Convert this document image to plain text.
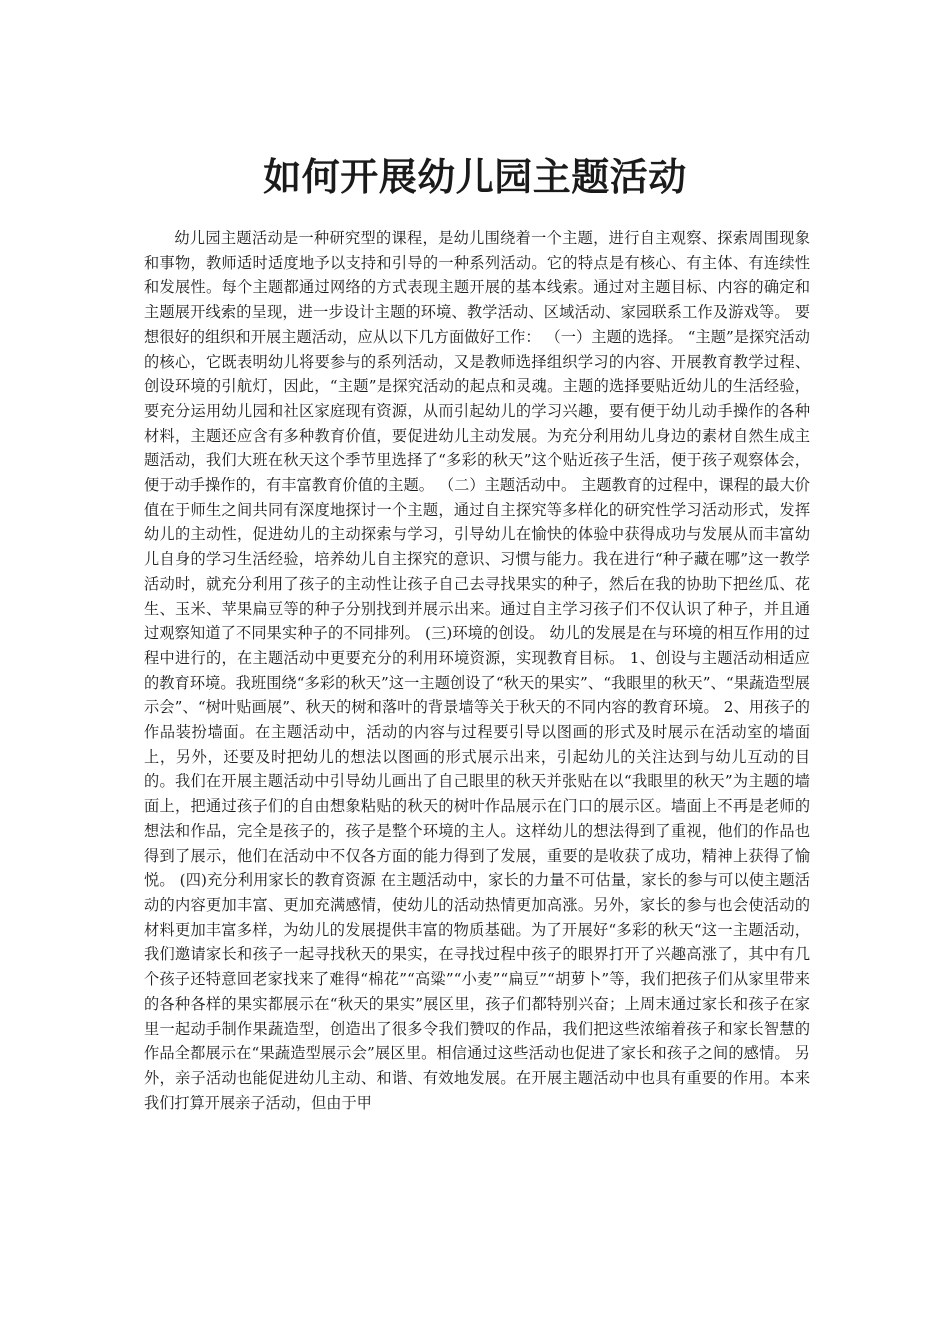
如何开展幼儿园主题活动

幼儿园主题活动是一种研究型的课程，是幼儿围绕着一个主题，进行自主观察、探索周围现象和事物，教师适时适度地予以支持和引导的一种系列活动。它的特点是有核心、有主体、有连续性和发展性。每个主题都通过网络的方式表现主题开展的基本线索。通过对主题目标、内容的确定和主题展开线索的呈现，进一步设计主题的环境、教学活动、区域活动、家园联系工作及游戏等。 要想很好的组织和开展主题活动，应从以下几方面做好工作： （一）主题的选择。 “主题”是探究活动的核心，它既表明幼儿将要参与的系列活动，又是教师选择组织学习的内容、开展教育教学过程、创设环境的引航灯，因此，“主题”是探究活动的起点和灵魂。主题的选择要贴近幼儿的生活经验，要充分运用幼儿园和社区家庭现有资源，从而引起幼儿的学习兴趣，要有便于幼儿动手操作的各种材料，主题还应含有多种教育价值，要促进幼儿主动发展。为充分利用幼儿身边的素材自然生成主题活动，我们大班在秋天这个季节里选择了“多彩的秋天”这个贴近孩子生活，便于孩子观察体会，便于动手操作的，有丰富教育价值的主题。 （二）主题活动中。 主题教育的过程中，课程的最大价值在于师生之间共同有深度地探讨一个主题，通过自主探究等多样化的研究性学习活动形式，发挥幼儿的主动性，促进幼儿的主动探索与学习，引导幼儿在愉快的体验中获得成功与发展从而丰富幼儿自身的学习生活经验，培养幼儿自主探究的意识、习惯与能力。我在进行“种子藏在哪”这一教学活动时，就充分利用了孩子的主动性让孩子自己去寻找果实的种子，然后在我的协助下把丝瓜、花生、玉米、苹果扁豆等的种子分别找到并展示出来。通过自主学习孩子们不仅认识了种子，并且通过观察知道了不同果实种子的不同排列。 (三)环境的创设。 幼儿的发展是在与环境的相互作用的过程中进行的，在主题活动中更要充分的利用环境资源，实现教育目标。 1、创设与主题活动相适应的教育环境。我班围绕“多彩的秋天”这一主题创设了“秋天的果实”、“我眼里的秋天”、“果蔬造型展示会”、“树叶贴画展”、秋天的树和落叶的背景墙等关于秋天的不同内容的教育环境。 2、用孩子的作品装扮墙面。在主题活动中，活动的内容与过程要引导以图画的形式及时展示在活动室的墙面上，另外，还要及时把幼儿的想法以图画的形式展示出来，引起幼儿的关注达到与幼儿互动的目的。我们在开展主题活动中引导幼儿画出了自己眼里的秋天并张贴在以“我眼里的秋天”为主题的墙面上，把通过孩子们的自由想象粘贴的秋天的树叶作品展示在门口的展示区。墙面上不再是老师的想法和作品，完全是孩子的，孩子是整个环境的主人。这样幼儿的想法得到了重视，他们的作品也得到了展示，他们在活动中不仅各方面的能力得到了发展，重要的是收获了成功，精神上获得了愉悦。 (四)充分利用家长的教育资源 在主题活动中，家长的力量不可估量，家长的参与可以使主题活动的内容更加丰富、更加充满感情，使幼儿的活动热情更加高涨。另外，家长的参与也会使活动的材料更加丰富多样，为幼儿的发展提供丰富的物质基础。为了开展好“多彩的秋天“这一主题活动，我们邀请家长和孩子一起寻找秋天的果实，在寻找过程中孩子的眼界打开了兴趣高涨了，其中有几个孩子还特意回老家找来了难得“棉花”“高粱”“小麦”“扁豆”“胡萝卜”等，我们把孩子们从家里带来的各种各样的果实都展示在“秋天的果实”展区里，孩子们都特别兴奋；上周末通过家长和孩子在家里一起动手制作果蔬造型，创造出了很多令我们赞叹的作品，我们把这些浓缩着孩子和家长智慧的作品全都展示在“果蔬造型展示会”展区里。相信通过这些活动也促进了家长和孩子之间的感情。 另外，亲子活动也能促进幼儿主动、和谐、有效地发展。在开展主题活动中也具有重要的作用。本来我们打算开展亲子活动，但由于甲
